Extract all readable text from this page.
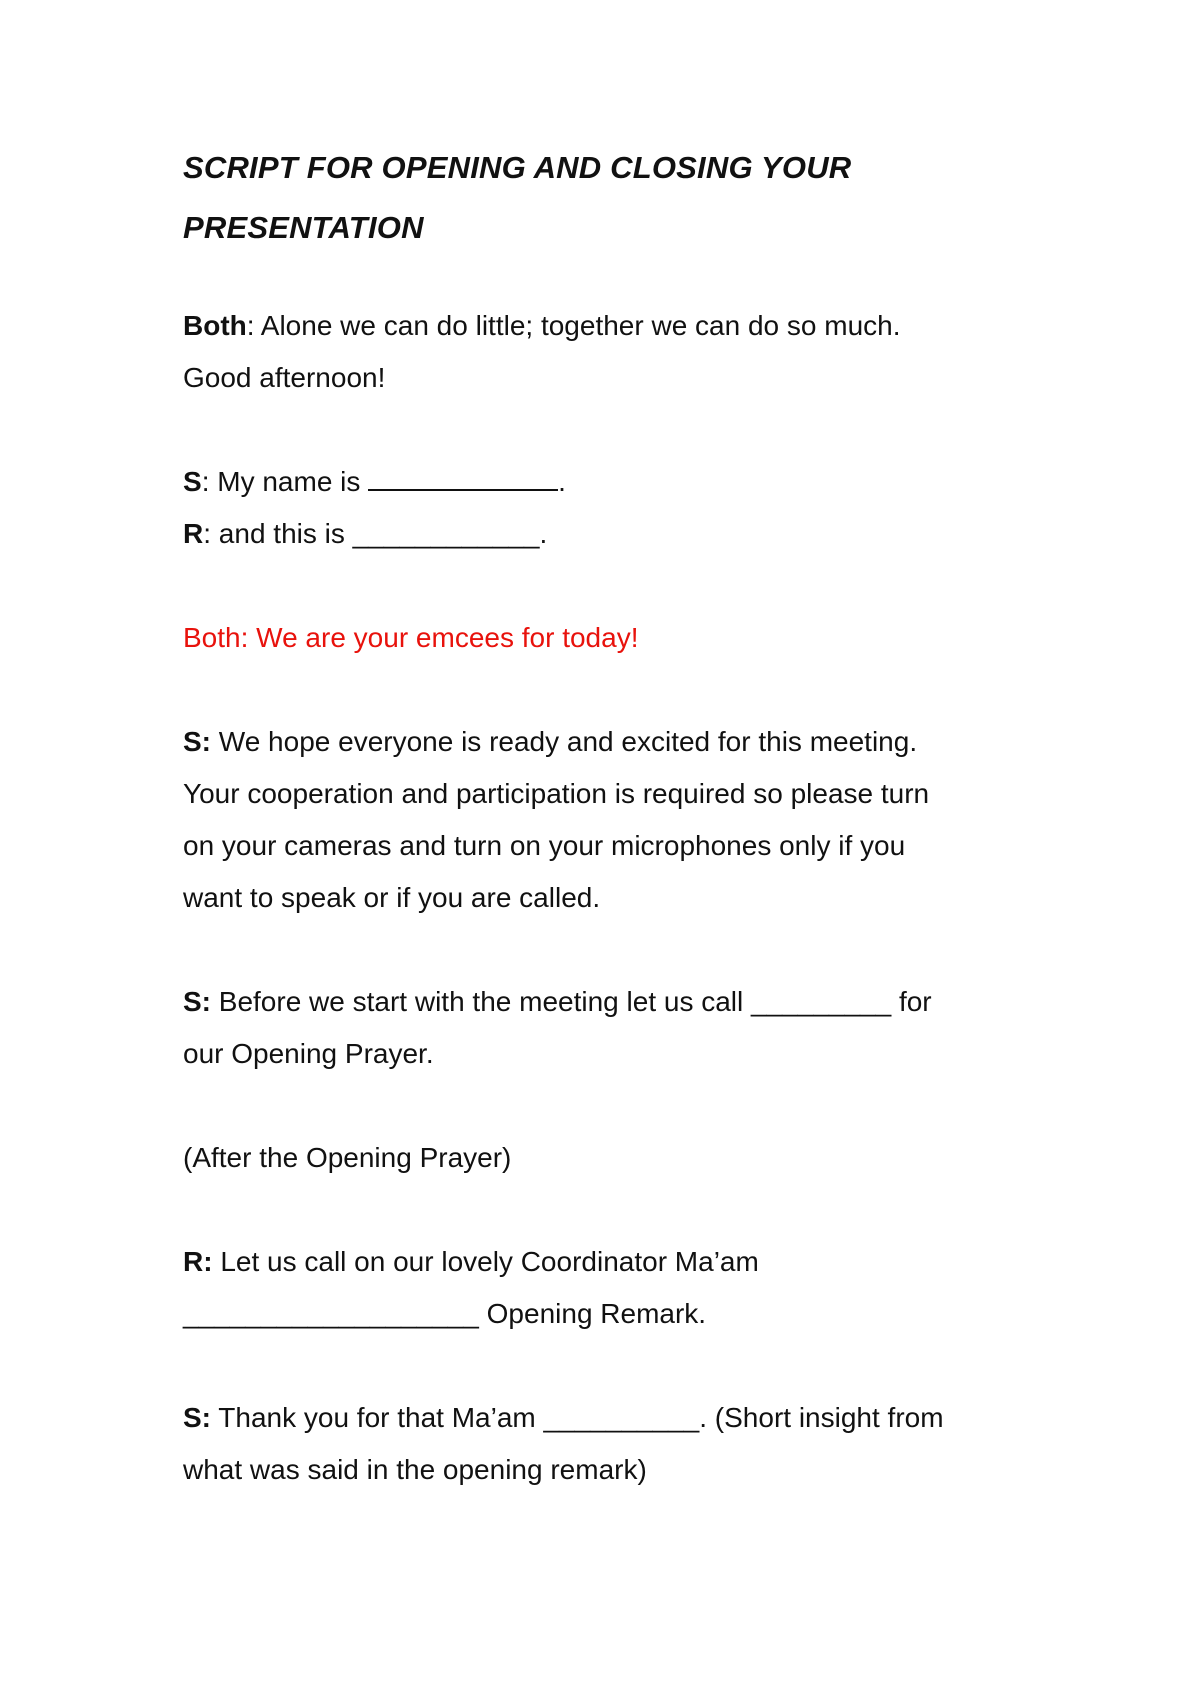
SCRIPT FOR OPENING AND CLOSING YOUR
PRESENTATION

Both: Alone we can do little; together we can do so much.
Good afternoon!

S: My name is	.
R: and this is ____________.

Both: We are your emcees for today!

S: We hope everyone is ready and excited for this meeting.
Your cooperation and participation is required so please turn
on your cameras and turn on your microphones only if you
want to speak or if you are called.

S: Before we start with the meeting let us call _________ for
our Opening Prayer.

(After the Opening Prayer)

R: Let us call on our lovely Coordinator Ma’am
___________________ Opening Remark.

S: Thank you for that Ma’am __________. (Short insight from
what was said in the opening remark)
